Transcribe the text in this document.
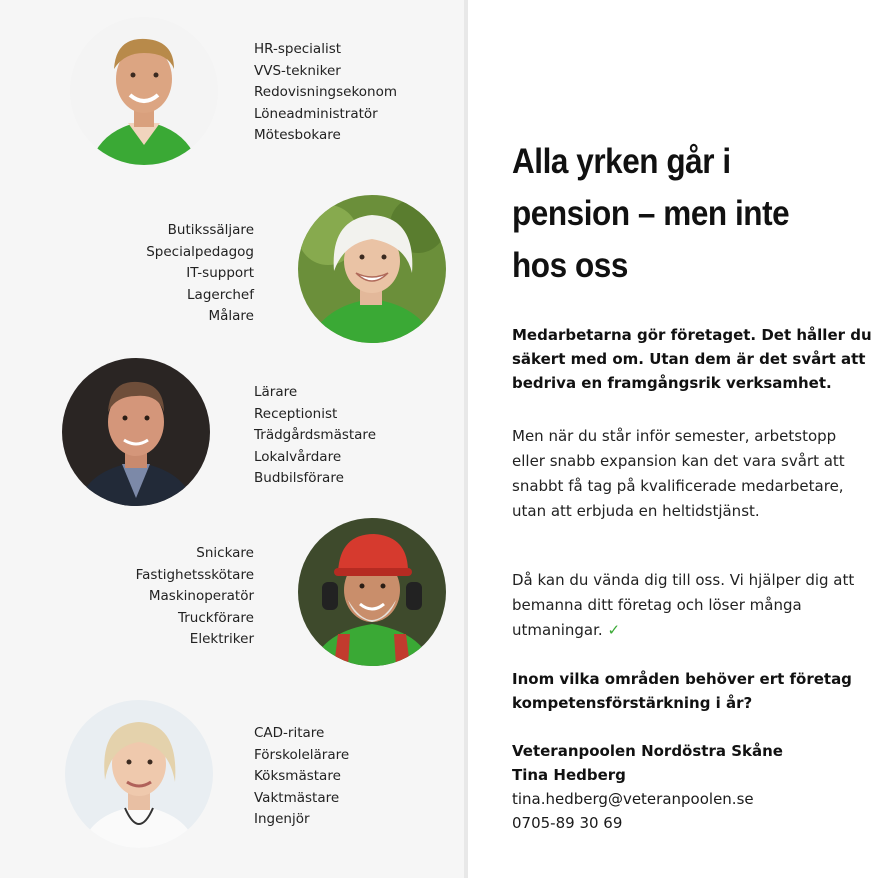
HR-specialist
VVS-tekniker
Redovisningsekonom
Löneadministratör
Mötesbokare
Butikssäljare
Specialpedagog
IT-support
Lagerchef
Målare
Lärare
Receptionist
Trädgårdsmästare
Lokalvårdare
Budbilsförare
Snickare
Fastighetsskötare
Maskinoperatör
Truckförare
Elektriker
CAD-ritare
Förskolelärare
Köksmästare
Vaktmästare
Ingenjör
Alla yrken går i
pension – men inte
hos oss

Medarbetarna gör företaget. Det håller du säkert med om. Utan dem är det svårt att bedriva en framgångsrik verksamhet.

Men när du står inför semester, arbetstopp eller snabb expansion kan det vara svårt att snabbt få tag på kvalificerade medarbetare, utan att erbjuda en heltidstjänst.

Då kan du vända dig till oss. Vi hjälper dig att bemanna ditt företag och löser många utmaningar. ✓

Inom vilka områden behöver ert företag kompetensförstärkning i år?

Veteranpoolen Nordöstra Skåne
Tina Hedberg
tina.hedberg@veteranpoolen.se
0705-89 30 69
